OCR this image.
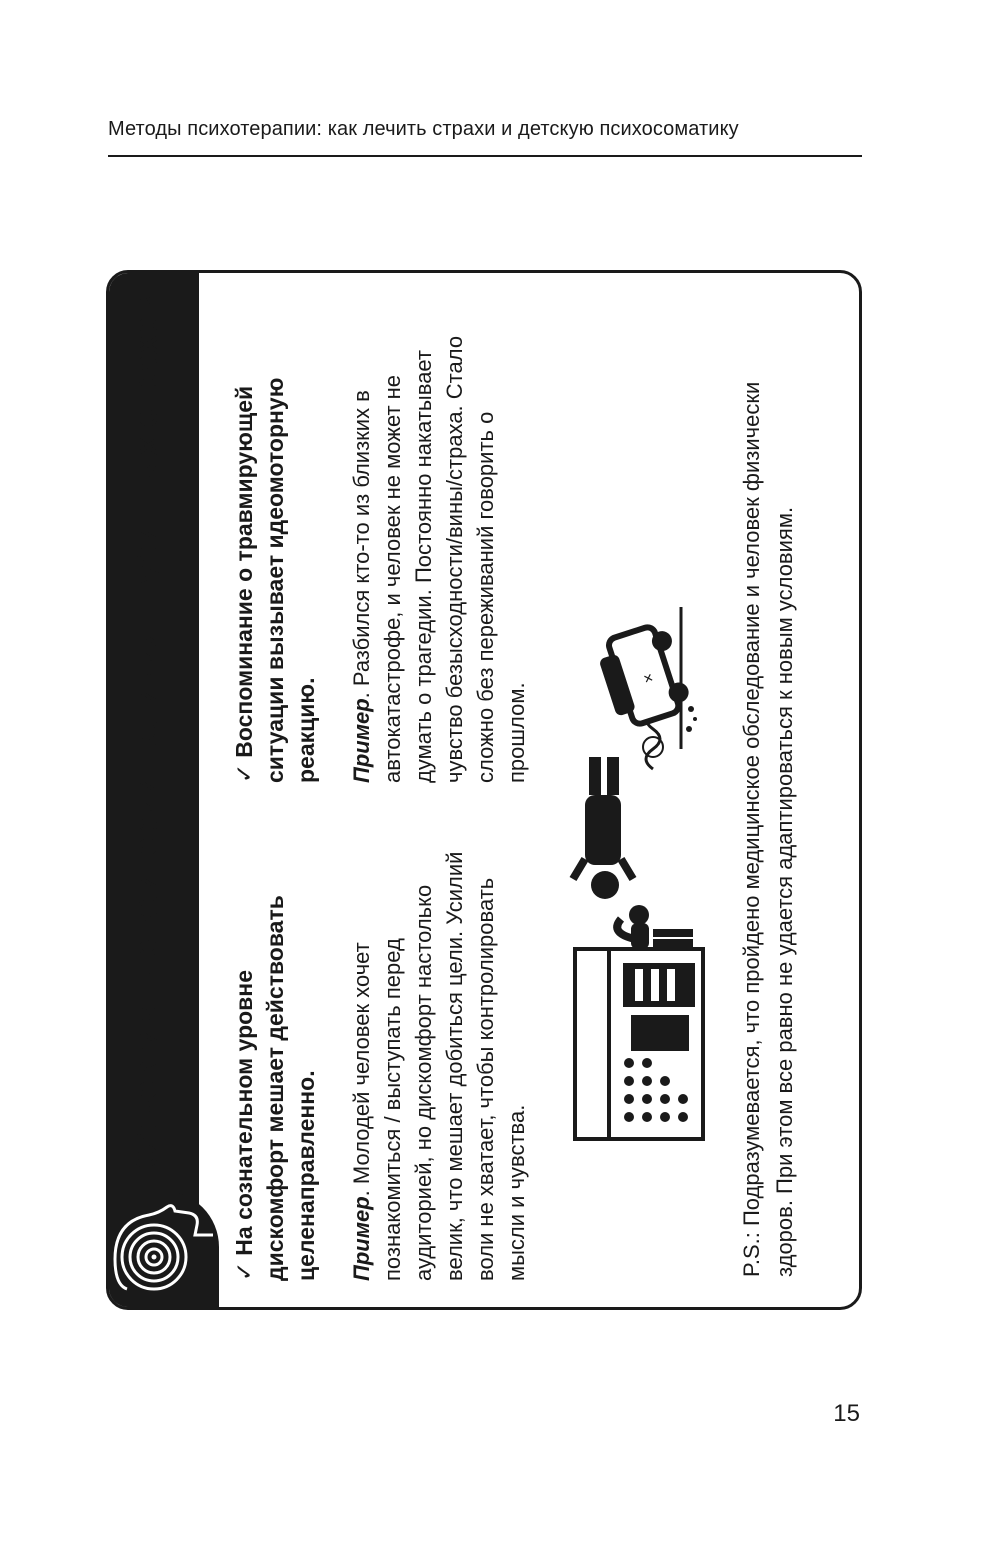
Методы психотерапии: как лечить страхи и детскую психосоматику
Объективные критерии наличия глубинных страхов
✓На сознательном уровне дискомфорт мешает действовать целенаправленно. Пример. Молодей человек хочет познакомиться / выступать перед аудиторией, но дискомфорт настолько велик, что мешает добиться цели. Усилий воли не хватает, чтобы контролировать мысли и чувства.
✓Воспоминание о травмирующей ситуации вызывает идеомоторную реакцию. Пример. Разбился кто-то из близких в автокатастрофе, и человек не может не думать о трагедии. Постоянно накатывает чувство безысходности/вины/страха. Стало сложно без переживаний говорить о прошлом.
✕	P.S.: Подразумевается, что пройдено медицинское обследование и человек физически здоров. При этом все равно не удается адаптироваться к новым условиям.
15
